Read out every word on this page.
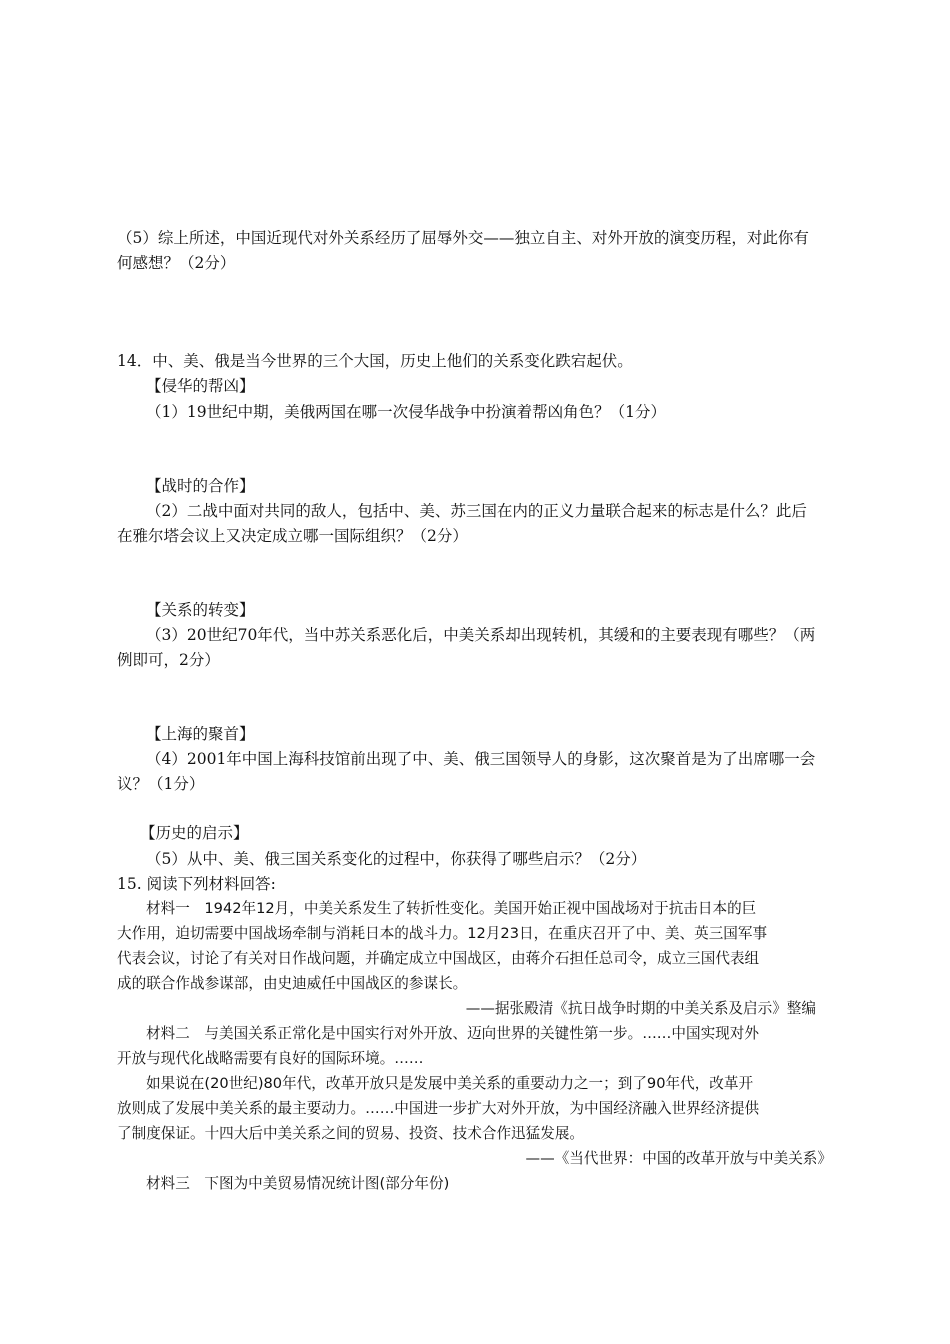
（5）综上所述，中国近现代对外关系经历了屈辱外交——独立自主、对外开放的演变历程，对此你有
何感想？（2分）
14．中、美、俄是当今世界的三个大国，历史上他们的关系变化跌宕起伏。
【侵华的帮凶】
（1）19世纪中期，美俄两国在哪一次侵华战争中扮演着帮凶角色？（1分）
【战时的合作】
（2）二战中面对共同的敌人，包括中、美、苏三国在内的正义力量联合起来的标志是什么？此后
在雅尔塔会议上又决定成立哪一国际组织？（2分）
【关系的转变】
（3）20世纪70年代，当中苏关系恶化后，中美关系却出现转机，其缓和的主要表现有哪些？（两
例即可，2分）
【上海的聚首】
（4）2001年中国上海科技馆前出现了中、美、俄三国领导人的身影，这次聚首是为了出席哪一会
议？（1分）
【历史的启示】
（5）从中、美、俄三国关系变化的过程中，你获得了哪些启示？（2分）
15. 阅读下列材料回答:
材料一　1942年12月，中美关系发生了转折性变化。美国开始正视中国战场对于抗击日本的巨
大作用，迫切需要中国战场牵制与消耗日本的战斗力。12月23日，在重庆召开了中、美、英三国军事
代表会议，讨论了有关对日作战问题，并确定成立中国战区，由蒋介石担任总司令，成立三国代表组
成的联合作战参谋部，由史迪威任中国战区的参谋长。
——据张殿清《抗日战争时期的中美关系及启示》整编
材料二　与美国关系正常化是中国实行对外开放、迈向世界的关键性第一步。……中国实现对外
开放与现代化战略需要有良好的国际环境。……
如果说在(20世纪)80年代，改革开放只是发展中美关系的重要动力之一；到了90年代，改革开
放则成了发展中美关系的最主要动力。……中国进一步扩大对外开放，为中国经济融入世界经济提供
了制度保证。十四大后中美关系之间的贸易、投资、技术合作迅猛发展。
——《当代世界：中国的改革开放与中美关系》
材料三　下图为中美贸易情况统计图(部分年份)
